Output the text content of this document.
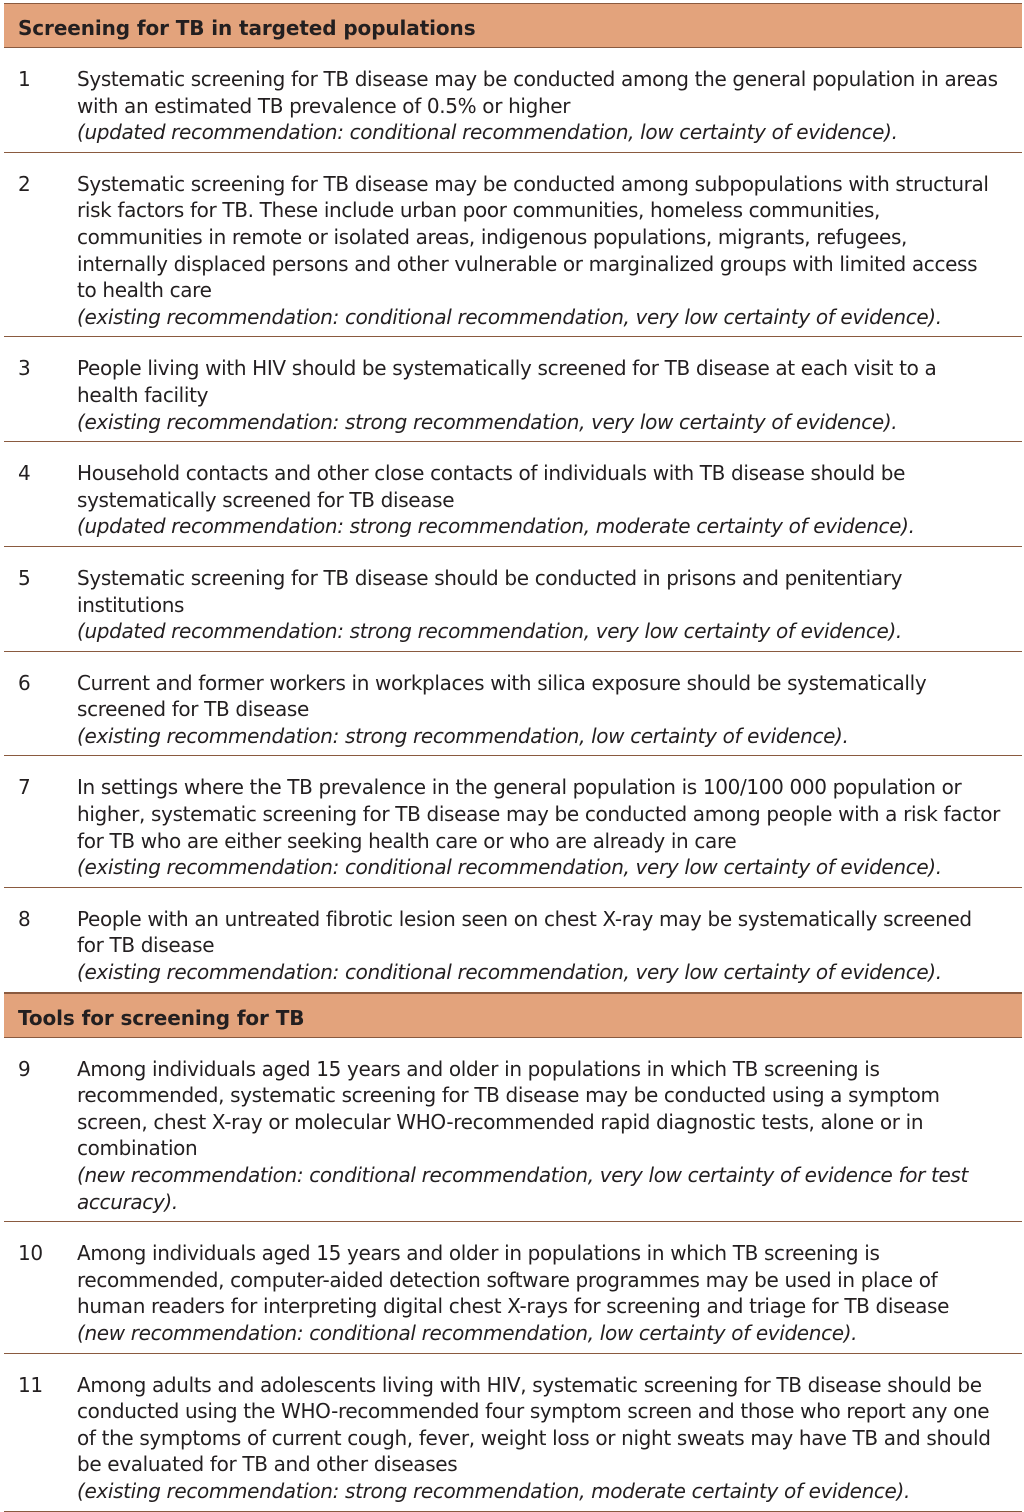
Screening for TB in targeted populations
1	Systematic screening for TB disease may be conducted among the general population in areas with an estimated TB prevalence of 0.5% or higher
(updated recommendation: conditional recommendation, low certainty of evidence).
2	Systematic screening for TB disease may be conducted among subpopulations with structural risk factors for TB. These include urban poor communities, homeless communities, communities in remote or isolated areas, indigenous populations, migrants, refugees, internally displaced persons and other vulnerable or marginalized groups with limited access to health care
(existing recommendation: conditional recommendation, very low certainty of evidence).
3	People living with HIV should be systematically screened for TB disease at each visit to a health facility
(existing recommendation: strong recommendation, very low certainty of evidence).
4	Household contacts and other close contacts of individuals with TB disease should be systematically screened for TB disease
(updated recommendation: strong recommendation, moderate certainty of evidence).
5	Systematic screening for TB disease should be conducted in prisons and penitentiary institutions
(updated recommendation: strong recommendation, very low certainty of evidence).
6	Current and former workers in workplaces with silica exposure should be systematically screened for TB disease
(existing recommendation: strong recommendation, low certainty of evidence).
7	In settings where the TB prevalence in the general population is 100/100 000 population or higher, systematic screening for TB disease may be conducted among people with a risk factor for TB who are either seeking health care or who are already in care
(existing recommendation: conditional recommendation, very low certainty of evidence).
8	People with an untreated fibrotic lesion seen on chest X-ray may be systematically screened for TB disease
(existing recommendation: conditional recommendation, very low certainty of evidence).
Tools for screening for TB
9	Among individuals aged 15 years and older in populations in which TB screening is recommended, systematic screening for TB disease may be conducted using a symptom screen, chest X-ray or molecular WHO-recommended rapid diagnostic tests, alone or in combination
(new recommendation: conditional recommendation, very low certainty of evidence for test accuracy).
10	Among individuals aged 15 years and older in populations in which TB screening is recommended, computer-aided detection software programmes may be used in place of human readers for interpreting digital chest X-rays for screening and triage for TB disease
(new recommendation: conditional recommendation, low certainty of evidence).
11	Among adults and adolescents living with HIV, systematic screening for TB disease should be conducted using the WHO-recommended four symptom screen and those who report any one of the symptoms of current cough, fever, weight loss or night sweats may have TB and should be evaluated for TB and other diseases
(existing recommendation: strong recommendation, moderate certainty of evidence).
